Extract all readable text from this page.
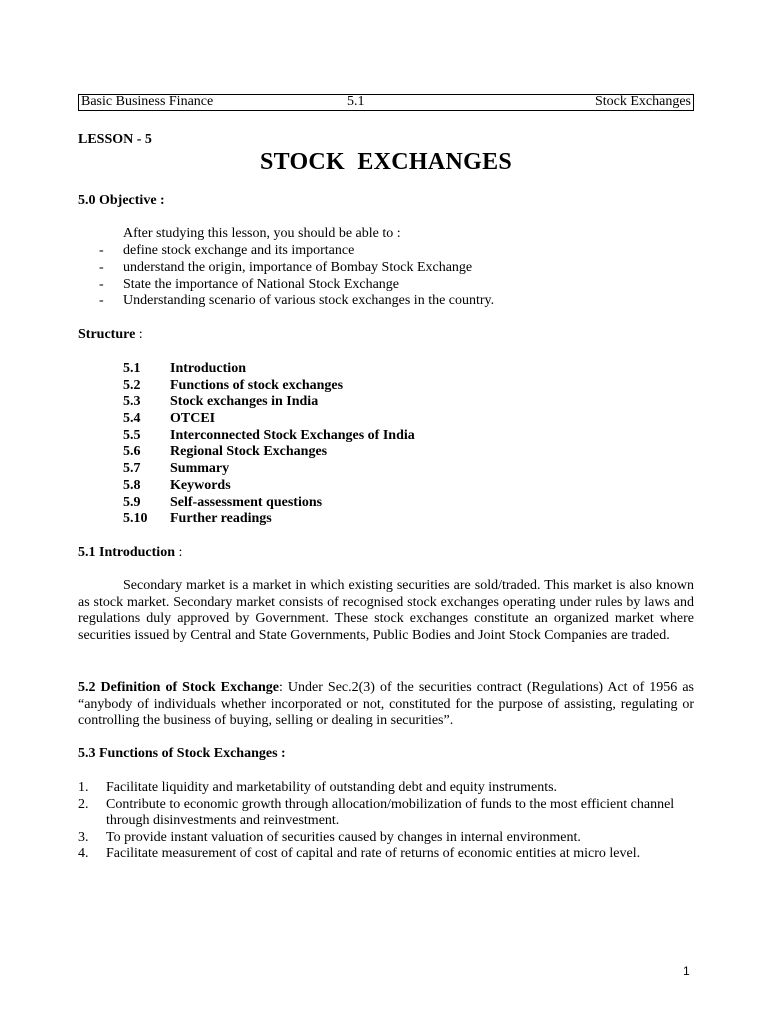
Basic Business Finance	5.1	Stock Exchanges
LESSON - 5
STOCK EXCHANGES
5.0 Objective :
After studying this lesson, you should be able to :
-	define stock exchange and its importance
-	understand the origin, importance of Bombay Stock Exchange
-	State the importance of National Stock Exchange
-	Understanding scenario of various stock exchanges in the country.
Structure :
5.1	Introduction
5.2	Functions of stock exchanges
5.3	Stock exchanges in India
5.4	OTCEI
5.5	Interconnected Stock Exchanges of India
5.6	Regional Stock Exchanges
5.7	Summary
5.8	Keywords
5.9	Self-assessment questions
5.10	Further readings
5.1 Introduction :

Secondary market is a market in which existing securities are sold/traded. This market is also known as stock market. Secondary market consists of recognised stock exchanges operating under rules by laws and regulations duly approved by Government. These stock exchanges constitute an organized market where securities issued by Central and State Governments, Public Bodies and Joint Stock Companies are traded.

5.2 Definition of Stock Exchange: Under Sec.2(3) of the securities contract (Regulations) Act of 1956 as “anybody of individuals whether incorporated or not, constituted for the purpose of assisting, regulating or controlling the business of buying, selling or dealing in securities”.

5.3 Functions of Stock Exchanges :
1.	Facilitate liquidity and marketability of outstanding debt and equity instruments.
2.	Contribute to economic growth through allocation/mobilization of funds to the most efficient channel through disinvestments and reinvestment.
3.	To provide instant valuation of securities caused by changes in internal environment.
4.	Facilitate measurement of cost of capital and rate of returns of economic entities at micro level.
1
